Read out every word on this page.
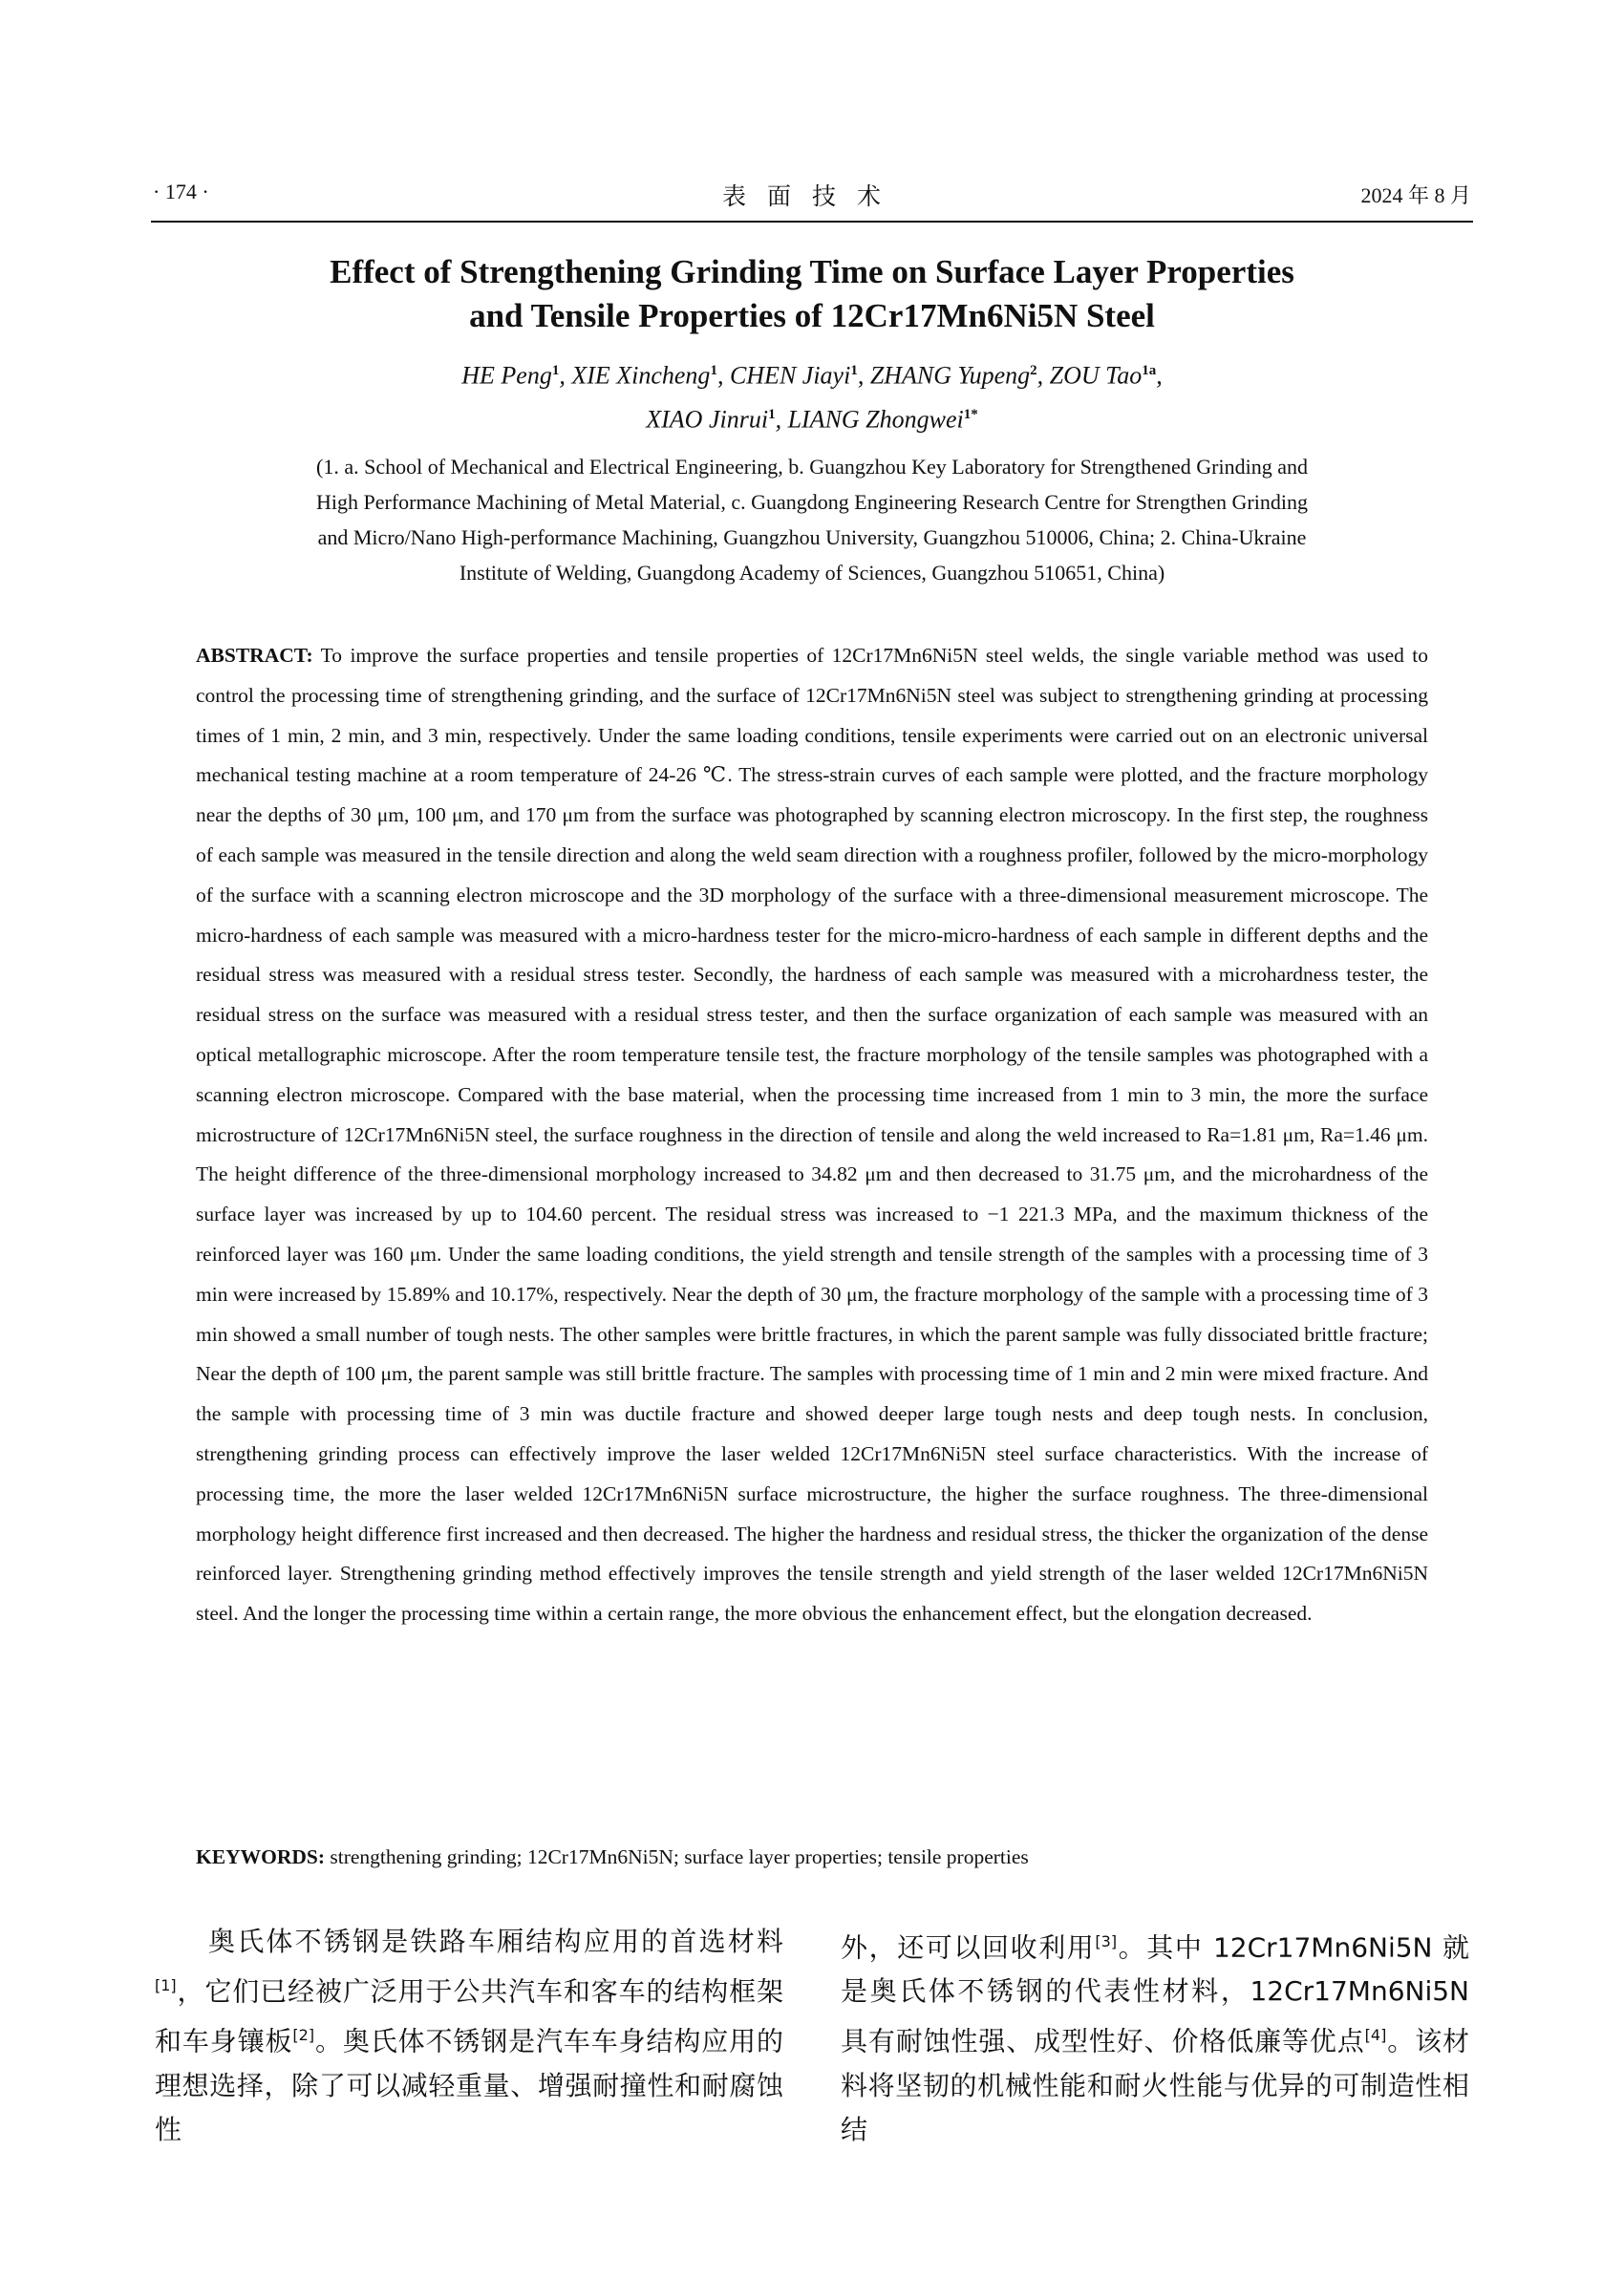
· 174 ·	表面技术	2024 年 8 月
Effect of Strengthening Grinding Time on Surface Layer Properties
and Tensile Properties of 12Cr17Mn6Ni5N Steel
HE Peng$^1$, XIE Xincheng$^1$, CHEN Jiayi$^1$, ZHANG Yupeng$^2$, ZOU Tao$^{1a}$,
XIAO Jinrui$^1$, LIANG Zhongwei$^{1*}$
(1. a. School of Mechanical and Electrical Engineering, b. Guangzhou Key Laboratory for Strengthened Grinding and
High Performance Machining of Metal Material, c. Guangdong Engineering Research Centre for Strengthen Grinding
and Micro/Nano High-performance Machining, Guangzhou University, Guangzhou 510006, China; 2. China-Ukraine
Institute of Welding, Guangdong Academy of Sciences, Guangzhou 510651, China)
ABSTRACT: To improve the surface properties and tensile properties of 12Cr17Mn6Ni5N steel welds, the single variable method was used to control the processing time of strengthening grinding, and the surface of 12Cr17Mn6Ni5N steel was subject to strengthening grinding at processing times of 1 min, 2 min, and 3 min, respectively. Under the same loading conditions, tensile experiments were carried out on an electronic universal mechanical testing machine at a room temperature of 24-26 ℃. The stress-strain curves of each sample were plotted, and the fracture morphology near the depths of 30 μm, 100 μm, and 170 μm from the surface was photographed by scanning electron microscopy. In the first step, the roughness of each sample was measured in the tensile direction and along the weld seam direction with a roughness profiler, followed by the micro-morphology of the surface with a scanning electron microscope and the 3D morphology of the surface with a three-dimensional measurement microscope. The micro-hardness of each sample was measured with a micro-hardness tester for the micro-micro-hardness of each sample in different depths and the residual stress was measured with a residual stress tester. Secondly, the hardness of each sample was measured with a microhardness tester, the residual stress on the surface was measured with a residual stress tester, and then the surface organization of each sample was measured with an optical metallographic microscope. After the room temperature tensile test, the fracture morphology of the tensile samples was photographed with a scanning electron microscope. Compared with the base material, when the processing time increased from 1 min to 3 min, the more the surface microstructure of 12Cr17Mn6Ni5N steel, the surface roughness in the direction of tensile and along the weld increased to Ra=1.81 μm, Ra=1.46 μm. The height difference of the three-dimensional morphology increased to 34.82 μm and then decreased to 31.75 μm, and the microhardness of the surface layer was increased by up to 104.60 percent. The residual stress was increased to −1 221.3 MPa, and the maximum thickness of the reinforced layer was 160 μm. Under the same loading conditions, the yield strength and tensile strength of the samples with a processing time of 3 min were increased by 15.89% and 10.17%, respectively. Near the depth of 30 μm, the fracture morphology of the sample with a processing time of 3 min showed a small number of tough nests. The other samples were brittle fractures, in which the parent sample was fully dissociated brittle fracture; Near the depth of 100 μm, the parent sample was still brittle fracture. The samples with processing time of 1 min and 2 min were mixed fracture. And the sample with processing time of 3 min was ductile fracture and showed deeper large tough nests and deep tough nests. In conclusion, strengthening grinding process can effectively improve the laser welded 12Cr17Mn6Ni5N steel surface characteristics. With the increase of processing time, the more the laser welded 12Cr17Mn6Ni5N surface microstructure, the higher the surface roughness. The three-dimensional morphology height difference first increased and then decreased. The higher the hardness and residual stress, the thicker the organization of the dense reinforced layer. Strengthening grinding method effectively improves the tensile strength and yield strength of the laser welded 12Cr17Mn6Ni5N steel. And the longer the processing time within a certain range, the more obvious the enhancement effect, but the elongation decreased.
KEYWORDS: strengthening grinding; 12Cr17Mn6Ni5N; surface layer properties; tensile properties
奥氏体不锈钢是铁路车厢结构应用的首选材料[1]，它们已经被广泛用于公共汽车和客车的结构框架和车身镶板[2]。奥氏体不锈钢是汽车车身结构应用的理想选择，除了可以减轻重量、增强耐撞性和耐腐蚀性
外，还可以回收利用[3]。其中 12Cr17Mn6Ni5N 就是奥氏体不锈钢的代表性材料，12Cr17Mn6Ni5N 具有耐蚀性强、成型性好、价格低廉等优点[4]。该材料将坚韧的机械性能和耐火性能与优异的可制造性相结
